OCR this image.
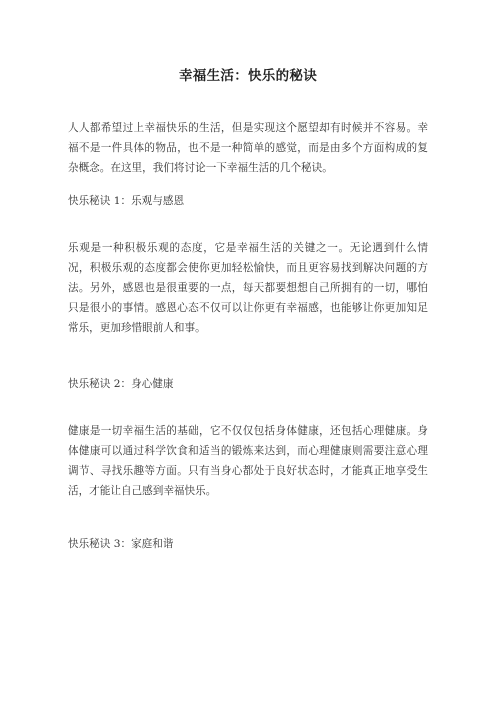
幸福生活：快乐的秘诀
人人都希望过上幸福快乐的生活，但是实现这个愿望却有时候并不容易。幸福不是一件具体的物品，也不是一种简单的感觉，而是由多个方面构成的复杂概念。在这里，我们将讨论一下幸福生活的几个秘诀。
快乐秘诀 1：乐观与感恩
乐观是一种积极乐观的态度，它是幸福生活的关键之一。无论遇到什么情况，积极乐观的态度都会使你更加轻松愉快，而且更容易找到解决问题的方法。另外，感恩也是很重要的一点，每天都要想想自己所拥有的一切，哪怕只是很小的事情。感恩心态不仅可以让你更有幸福感，也能够让你更加知足常乐，更加珍惜眼前人和事。
快乐秘诀 2：身心健康
健康是一切幸福生活的基础，它不仅仅包括身体健康，还包括心理健康。身体健康可以通过科学饮食和适当的锻炼来达到，而心理健康则需要注意心理调节、寻找乐趣等方面。只有当身心都处于良好状态时，才能真正地享受生活，才能让自己感到幸福快乐。
快乐秘诀 3：家庭和谐
